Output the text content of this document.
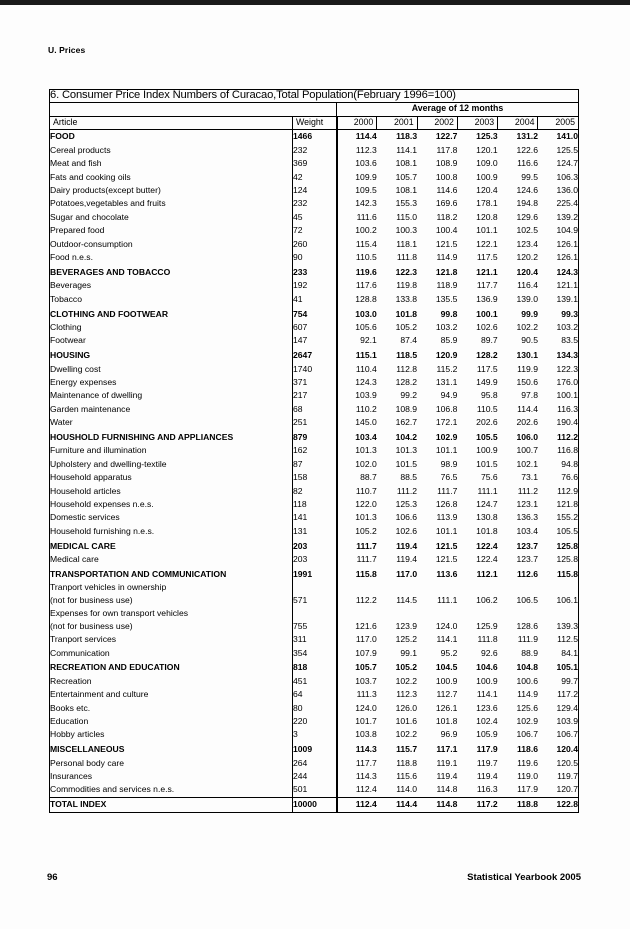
U. Prices
6. Consumer Price Index Numbers of Curacao,Total Population(February 1996=100)							
		Average of 12 months					
Article	Weight	2000	2001	2002	2003	2004	2005
FOOD	1466	114.4	118.3	122.7	125.3	131.2	141.0
Cereal products	232	112.3	114.1	117.8	120.1	122.6	125.5
Meat and fish	369	103.6	108.1	108.9	109.0	116.6	124.7
Fats and cooking oils	42	109.9	105.7	100.8	100.9	99.5	106.3
Dairy products(except butter)	124	109.5	108.1	114.6	120.4	124.6	136.0
Potatoes,vegetables and fruits	232	142.3	155.3	169.6	178.1	194.8	225.4
Sugar and chocolate	45	111.6	115.0	118.2	120.8	129.6	139.2
Prepared food	72	100.2	100.3	100.4	101.1	102.5	104.9
Outdoor-consumption	260	115.4	118.1	121.5	122.1	123.4	126.1
Food n.e.s.	90	110.5	111.8	114.9	117.5	120.2	126.1
BEVERAGES AND TOBACCO	233	119.6	122.3	121.8	121.1	120.4	124.3
Beverages	192	117.6	119.8	118.9	117.7	116.4	121.1
Tobacco	41	128.8	133.8	135.5	136.9	139.0	139.1
CLOTHING AND FOOTWEAR	754	103.0	101.8	99.8	100.1	99.9	99.3
Clothing	607	105.6	105.2	103.2	102.6	102.2	103.2
Footwear	147	92.1	87.4	85.9	89.7	90.5	83.5
HOUSING	2647	115.1	118.5	120.9	128.2	130.1	134.3
Dwelling cost	1740	110.4	112.8	115.2	117.5	119.9	122.3
Energy expenses	371	124.3	128.2	131.1	149.9	150.6	176.0
Maintenance of dwelling	217	103.9	99.2	94.9	95.8	97.8	100.1
Garden maintenance	68	110.2	108.9	106.8	110.5	114.4	116.3
Water	251	145.0	162.7	172.1	202.6	202.6	190.4
HOUSHOLD FURNISHING AND APPLIANCES	879	103.4	104.2	102.9	105.5	106.0	112.2
Furniture and illumination	162	101.3	101.3	101.1	100.9	100.7	116.8
Upholstery and dwelling-textile	87	102.0	101.5	98.9	101.5	102.1	94.8
Household apparatus	158	88.7	88.5	76.5	75.6	73.1	76.6
Household articles	82	110.7	111.2	111.7	111.1	111.2	112.9
Household expenses n.e.s.	118	122.0	125.3	126.8	124.7	123.1	121.8
Domestic services	141	101.3	106.6	113.9	130.8	136.3	155.2
Household furnishing n.e.s.	131	105.2	102.6	101.1	101.8	103.4	105.5
MEDICAL CARE	203	111.7	119.4	121.5	122.4	123.7	125.8
Medical care	203	111.7	119.4	121.5	122.4	123.7	125.8
TRANSPORTATION AND COMMUNICATION	1991	115.8	117.0	113.6	112.1	112.6	115.8
Tranport vehicles in ownership							
(not for business use)	571	112.2	114.5	111.1	106.2	106.5	106.1
Expenses for own transport vehicles							
(not for business use)	755	121.6	123.9	124.0	125.9	128.6	139.3
Tranport services	311	117.0	125.2	114.1	111.8	111.9	112.5
Communication	354	107.9	99.1	95.2	92.6	88.9	84.1
RECREATION AND EDUCATION	818	105.7	105.2	104.5	104.6	104.8	105.1
Recreation	451	103.7	102.2	100.9	100.9	100.6	99.7
Entertainment and culture	64	111.3	112.3	112.7	114.1	114.9	117.2
Books etc.	80	124.0	126.0	126.1	123.6	125.6	129.4
Education	220	101.7	101.6	101.8	102.4	102.9	103.9
Hobby articles	3	103.8	102.2	96.9	105.9	106.7	106.7
MISCELLANEOUS	1009	114.3	115.7	117.1	117.9	118.6	120.4
Personal body care	264	117.7	118.8	119.1	119.7	119.6	120.5
Insurances	244	114.3	115.6	119.4	119.4	119.0	119.7
Commodities and services n.e.s.	501	112.4	114.0	114.8	116.3	117.9	120.7
TOTAL INDEX	10000	112.4	114.4	114.8	117.2	118.8	122.8
96	Statistical Yearbook 2005
